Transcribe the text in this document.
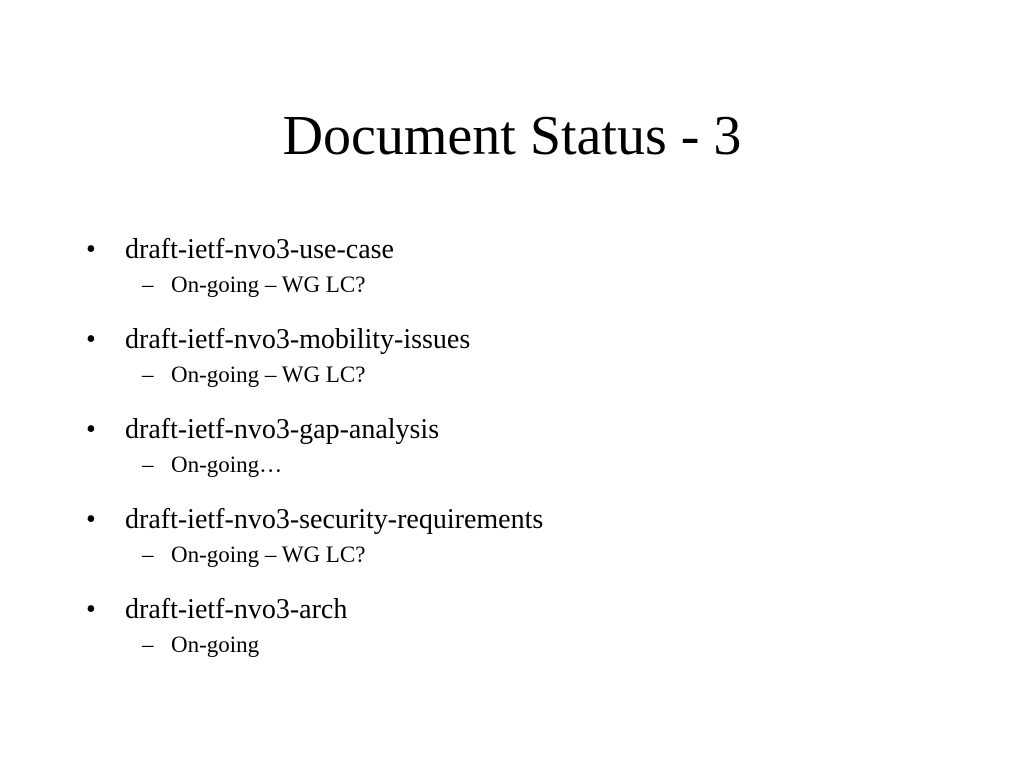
Document Status - 3
• draft-ietf-nvo3-use-case
– On-going – WG LC?
• draft-ietf-nvo3-mobility-issues
– On-going – WG LC?
• draft-ietf-nvo3-gap-analysis
– On-going…
• draft-ietf-nvo3-security-requirements
– On-going – WG LC?
• draft-ietf-nvo3-arch
– On-going
